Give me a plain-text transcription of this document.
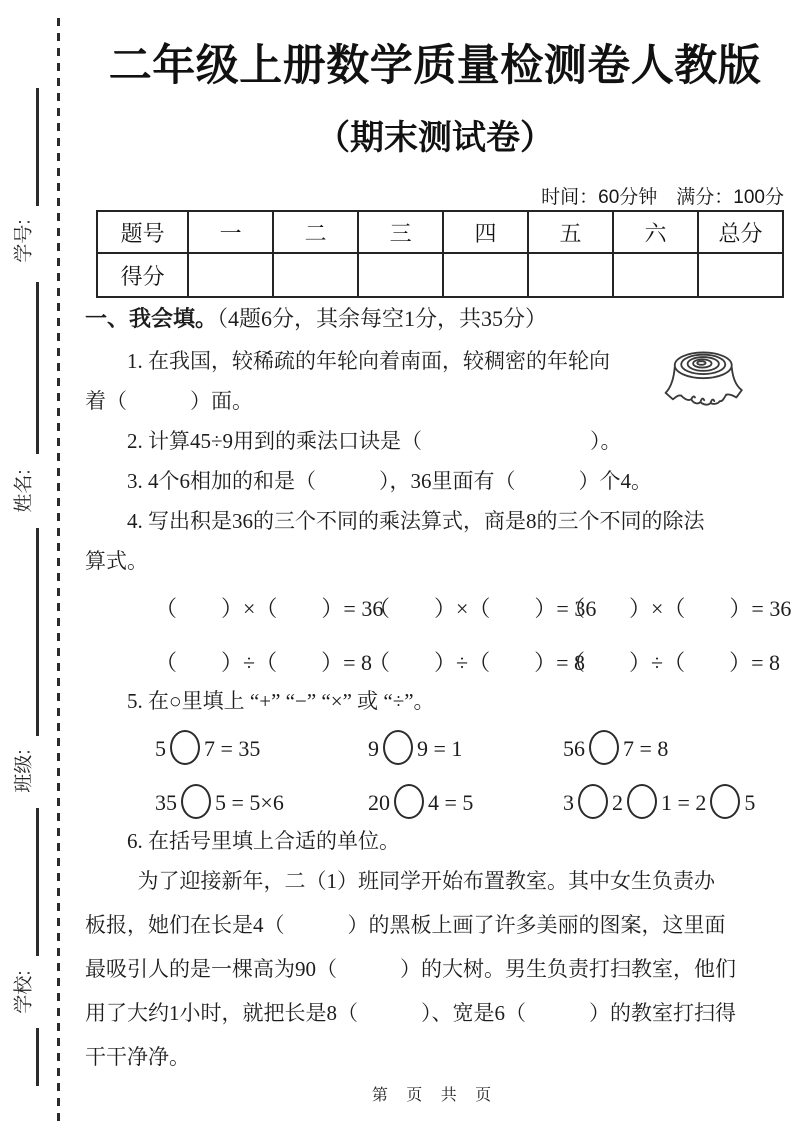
学号:
姓名:
班级:
学校:
二年级上册数学质量检测卷人教版
（期末测试卷）
时间：60分钟　满分：100分
题号	一	二	三	四	五	六	总分
得分							
一、我会填。（4题6分，其余每空1分，共35分）
1. 在我国，较稀疏的年轮向着南面，较稠密的年轮向
着（　　　）面。
2. 计算45÷9用到的乘法口诀是（　　　　　　　　）。
3. 4个6相加的和是（　　　），36里面有（　　　）个4。
4. 写出积是36的三个不同的乘法算式，商是8的三个不同的除法
算式。
（　　）×（　　）= 36
（　　）×（　　）= 36
（　　）×（　　）= 36
（　　）÷（　　）= 8
（　　）÷（　　）= 8
（　　）÷（　　）= 8
5. 在○里填上 “+” “−” “×” 或 “÷”。
5 7 = 35	9 9 = 1	56 7 = 8
35 5 = 5×6	20 4 = 5	3 2 1 = 2 5
6. 在括号里填上合适的单位。
为了迎接新年，二（1）班同学开始布置教室。其中女生负责办
板报，她们在长是4（　　　）的黑板上画了许多美丽的图案，这里面
最吸引人的是一棵高为90（　　　）的大树。男生负责打扫教室，他们
用了大约1小时，就把长是8（　　　）、宽是6（　　　）的教室打扫得
干干净净。
第 页 共 页
